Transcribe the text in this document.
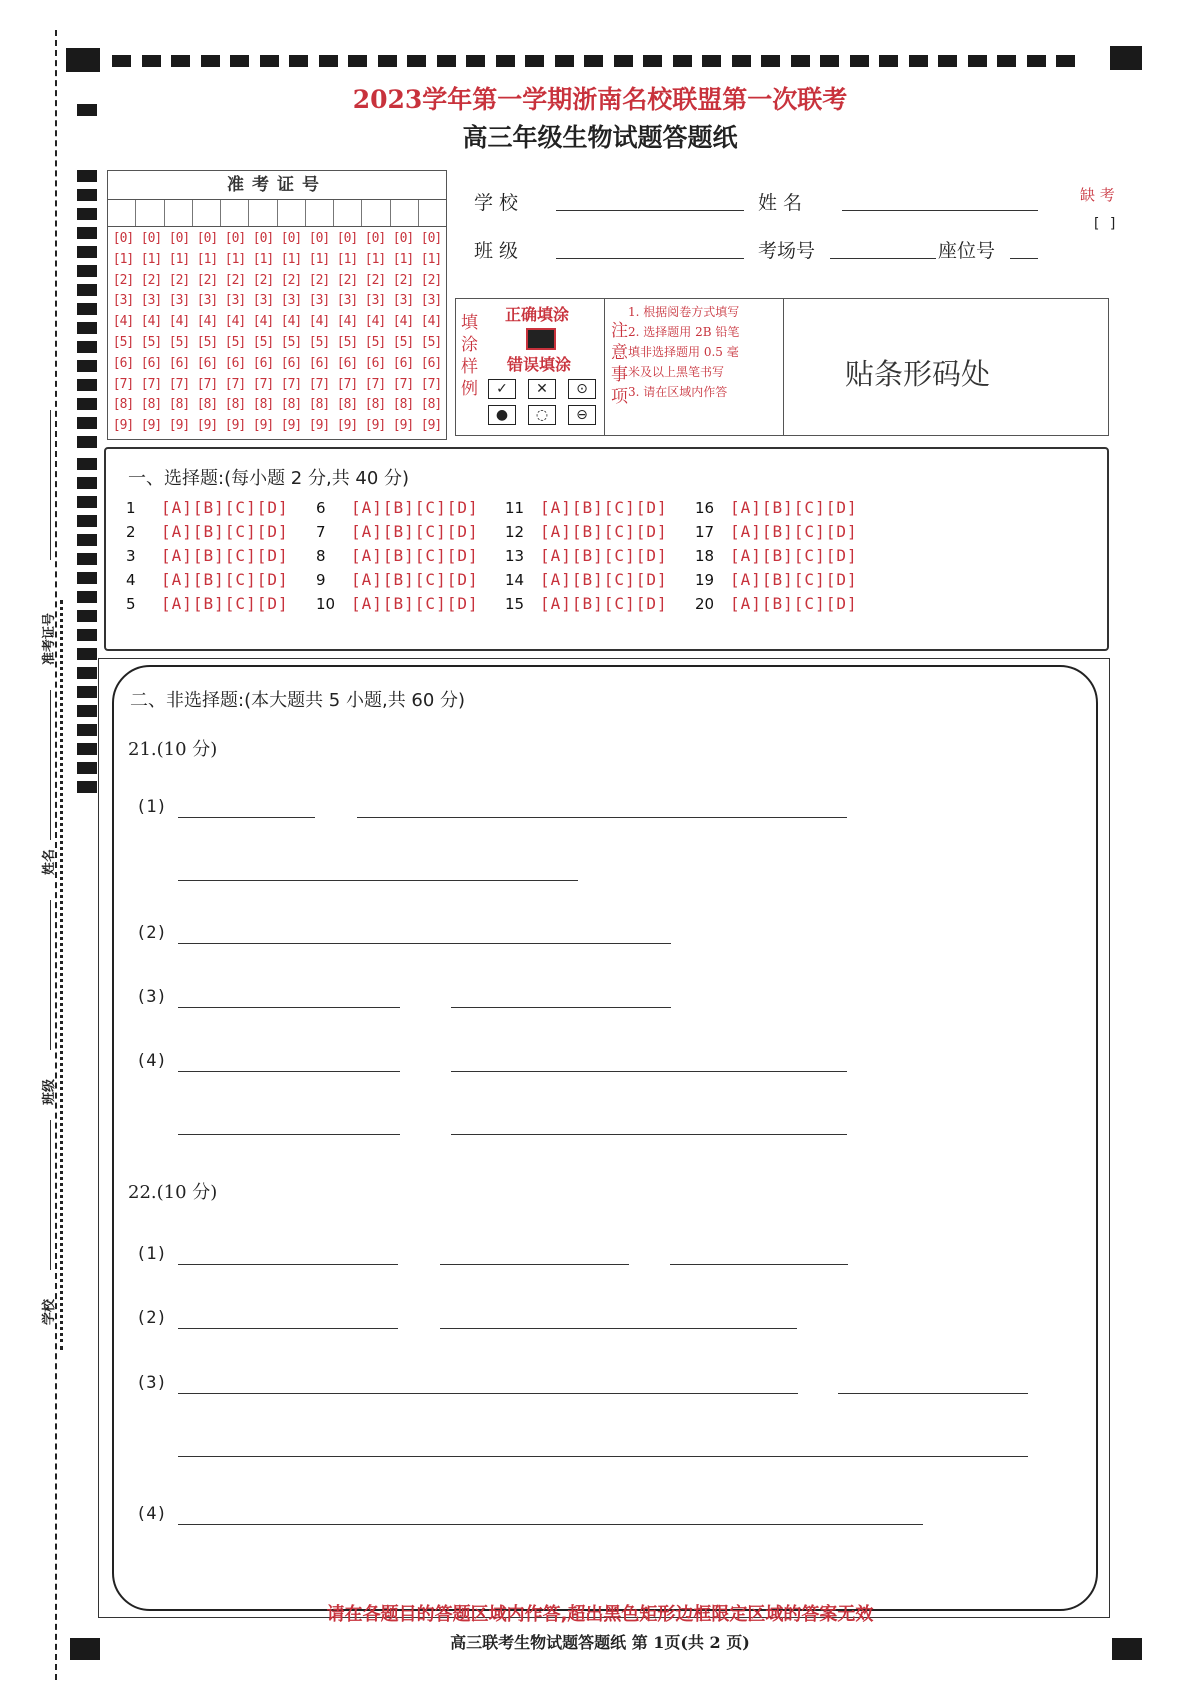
准考证号
姓名
班级
学校
2023学年第一学期浙南名校联盟第一次联考
高三年级生物试题答题纸
准考证号
[0] [0] [0] [0] [0] [0] [0] [0] [0] [0] [0] [0]
[1] [1] [1] [1] [1] [1] [1] [1] [1] [1] [1] [1]
[2] [2] [2] [2] [2] [2] [2] [2] [2] [2] [2] [2]
[3] [3] [3] [3] [3] [3] [3] [3] [3] [3] [3] [3]
[4] [4] [4] [4] [4] [4] [4] [4] [4] [4] [4] [4]
[5] [5] [5] [5] [5] [5] [5] [5] [5] [5] [5] [5]
[6] [6] [6] [6] [6] [6] [6] [6] [6] [6] [6] [6]
[7] [7] [7] [7] [7] [7] [7] [7] [7] [7] [7] [7]
[8] [8] [8] [8] [8] [8] [8] [8] [8] [8] [8] [8]
[9] [9] [9] [9] [9] [9] [9] [9] [9] [9] [9] [9]
学 校	姓 名
班 级	考场号	座位号
缺 考
[ ]
填涂样例
正确填涂
错误填涂
✓	✕	⊙
●	◌	⊖
注意事项
1. 根据阅卷方式填写
2. 选择题用 2B 铅笔
填非选择题用 0.5 毫
米及以上黑笔书写
3. 请在区域内作答
贴条形码处
一、选择题:(每小题 2 分,共 40 分)
1 [A][B][C][D]
2 [A][B][C][D]
3 [A][B][C][D]
4 [A][B][C][D]
5 [A][B][C][D]
6 [A][B][C][D]
7 [A][B][C][D]
8 [A][B][C][D]
9 [A][B][C][D]
10 [A][B][C][D]
11 [A][B][C][D]
12 [A][B][C][D]
13 [A][B][C][D]
14 [A][B][C][D]
15 [A][B][C][D]
16 [A][B][C][D]
17 [A][B][C][D]
18 [A][B][C][D]
19 [A][B][C][D]
20 [A][B][C][D]
二、非选择题:(本大题共 5 小题,共 60 分)
21.(10 分)
(1)
(2)
(3)
(4)
22.(10 分)
(1)
(2)
(3)
(4)
请在各题目的答题区域内作答,超出黑色矩形边框限定区域的答案无效
高三联考生物试题答题纸 第 1页(共 2 页)
